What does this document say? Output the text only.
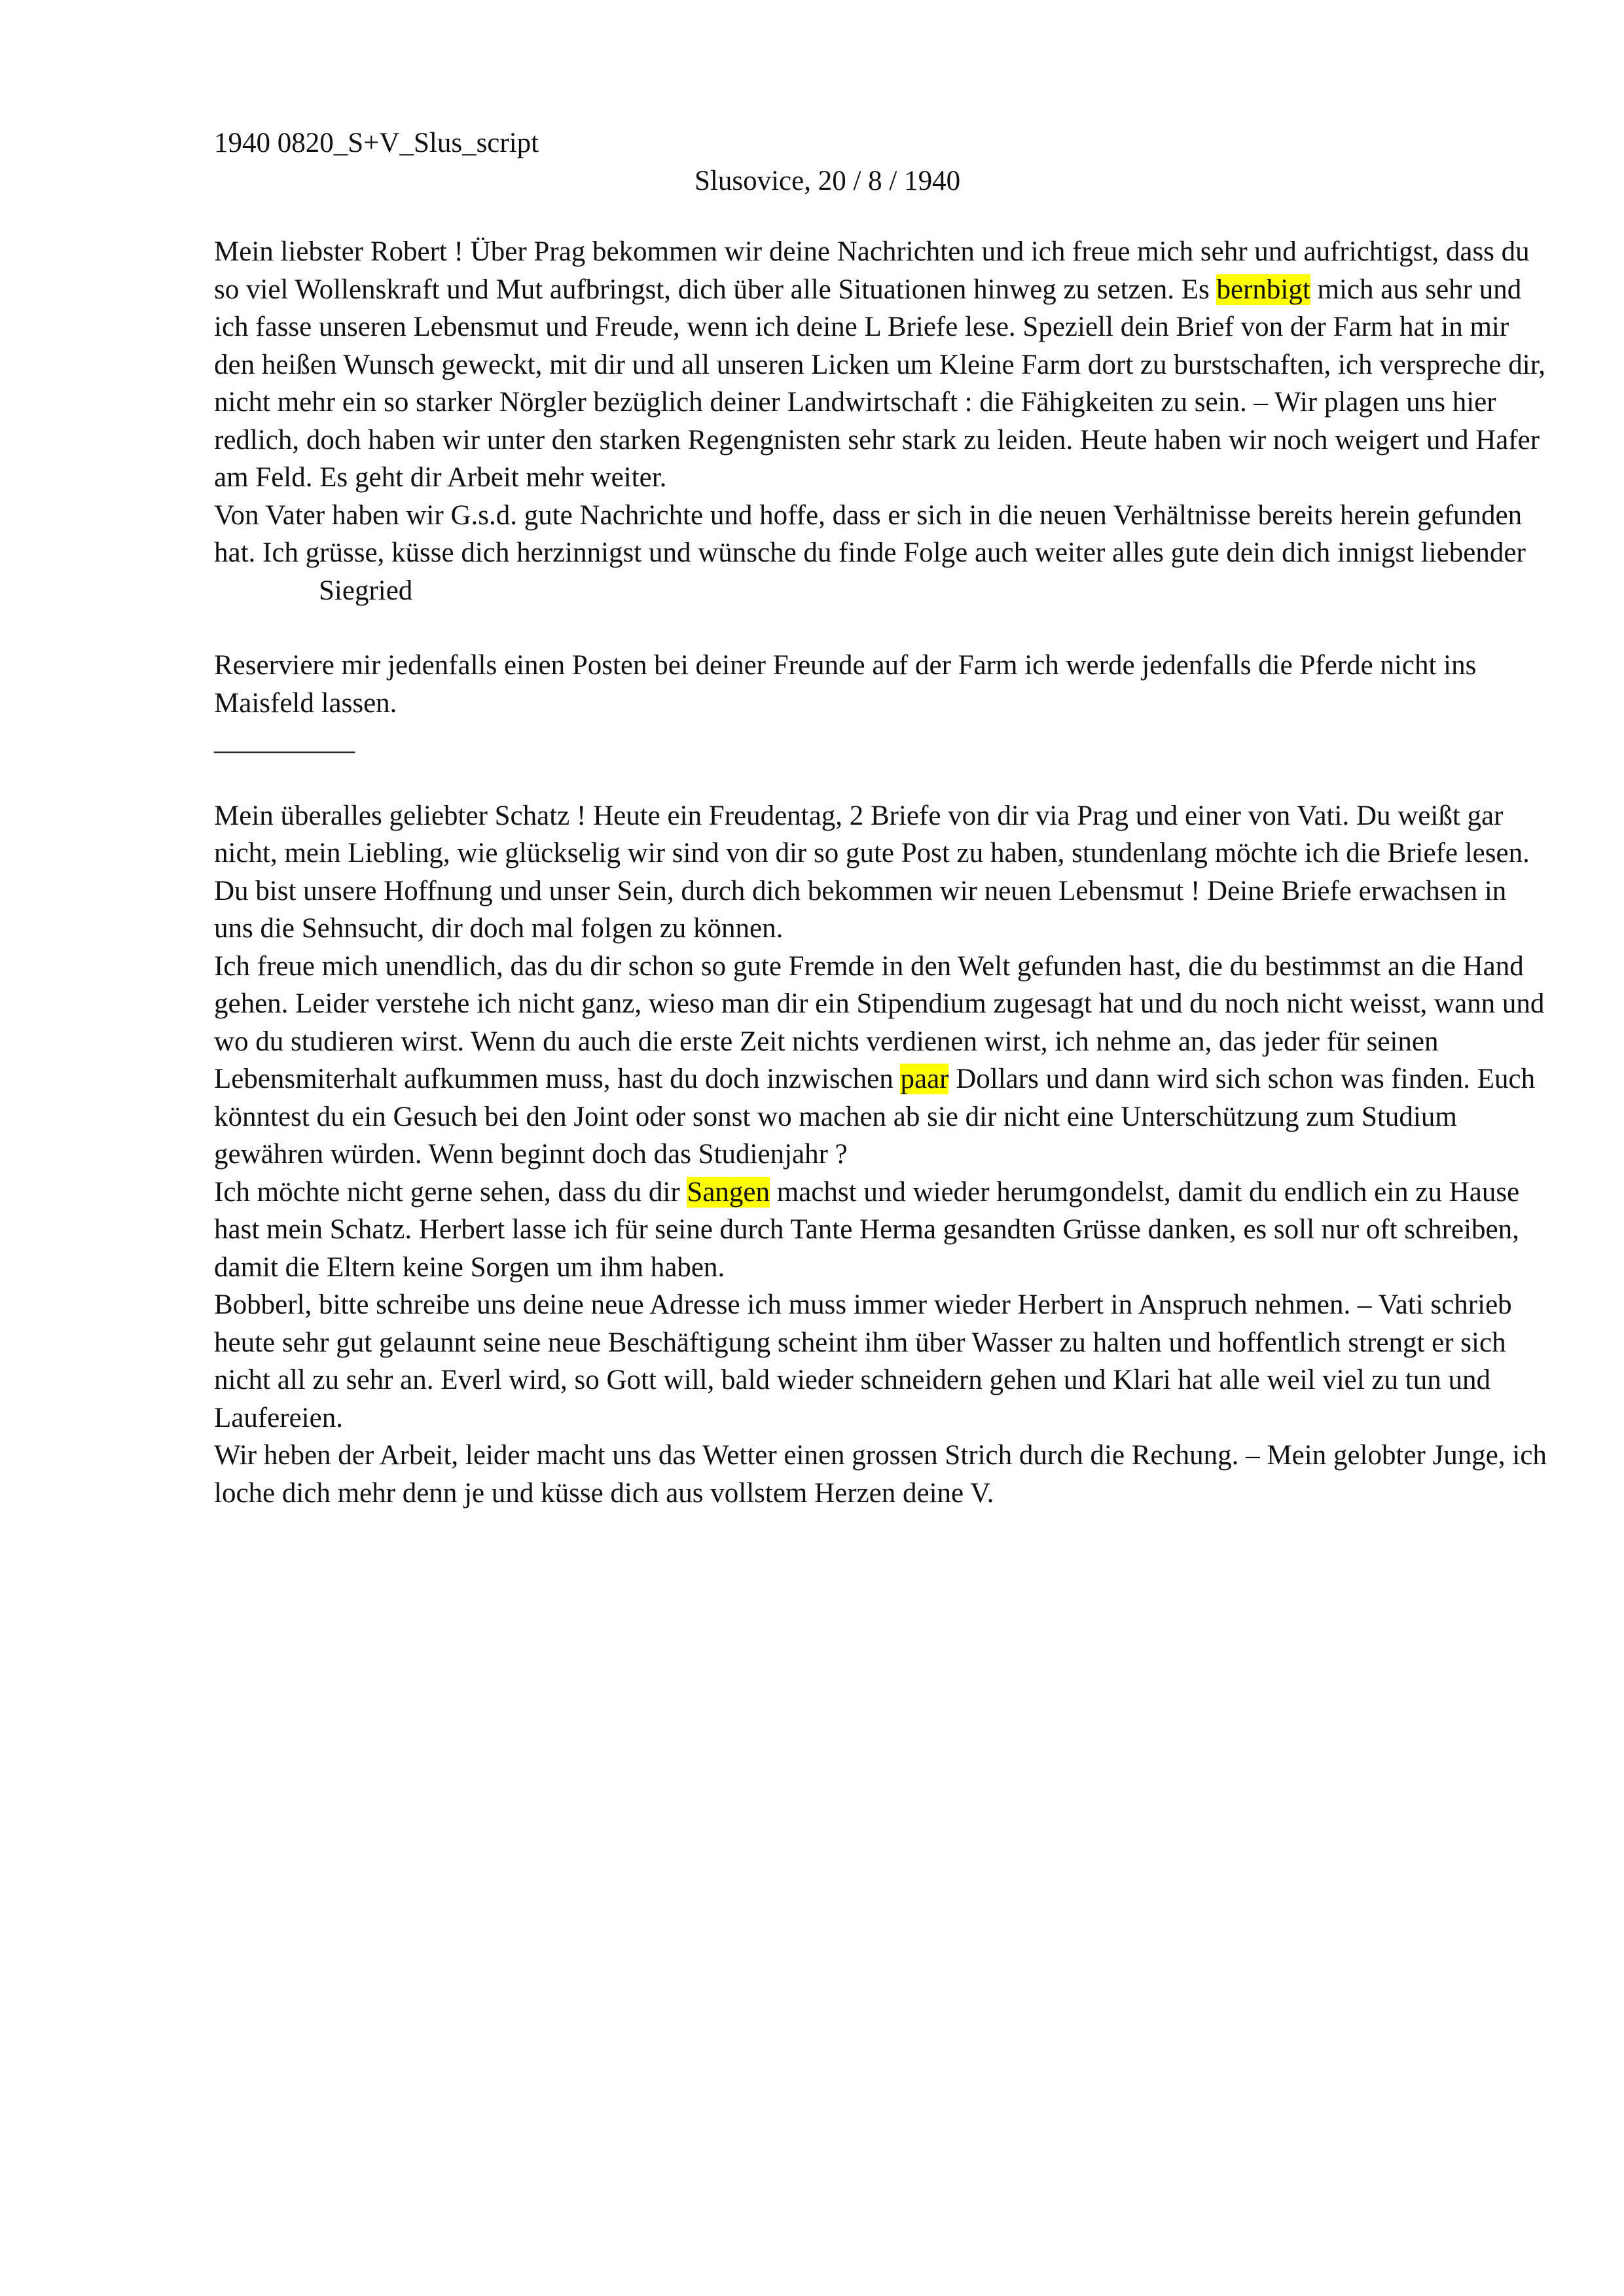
1940 0820_S+V_Slus_script

Slusovice, 20 / 8 / 1940

Mein liebster Robert ! Über Prag bekommen wir deine Nachrichten und ich freue mich sehr und aufrichtigst, dass du so viel Wollenskraft und Mut aufbringst, dich über alle Situationen hinweg zu setzen. Es bernbigt mich aus sehr und ich fasse unseren Lebensmut und Freude, wenn ich deine L Briefe lese. Speziell dein Brief von der Farm hat in mir den heißen Wunsch geweckt, mit dir und all unseren Licken um Kleine Farm dort zu burstschaften, ich verspreche dir, nicht mehr ein so starker Nörgler bezüglich deiner Landwirtschaft : die Fähigkeiten zu sein. – Wir plagen uns hier redlich, doch haben wir unter den starken Regengnisten sehr stark zu leiden. Heute haben wir noch weigert und Hafer am Feld. Es geht dir Arbeit mehr weiter.

Von Vater haben wir G.s.d. gute Nachrichte und hoffe, dass er sich in die neuen Verhältnisse bereits herein gefunden hat. Ich grüsse, küsse dich herzinnigst und wünsche du finde Folge auch weiter alles gute dein dich innigst liebenderSiegried

Reserviere mir jedenfalls einen Posten bei deiner Freunde auf der Farm ich werde jedenfalls die Pferde nicht ins Maisfeld lassen.

__________

Mein überalles geliebter Schatz ! Heute ein Freudentag, 2 Briefe von dir via Prag und einer von Vati. Du weißt gar nicht, mein Liebling, wie glückselig wir sind von dir so gute Post zu haben, stundenlang möchte ich die Briefe lesen. Du bist unsere Hoffnung und unser Sein, durch dich bekommen wir neuen Lebensmut ! Deine Briefe erwachsen in uns die Sehnsucht, dir doch mal folgen zu können.

Ich freue mich unendlich, das du dir schon so gute Fremde in den Welt gefunden hast, die du bestimmst an die Hand gehen. Leider verstehe ich nicht ganz, wieso man dir ein Stipendium zugesagt hat und du noch nicht weisst, wann und wo du studieren wirst. Wenn du auch die erste Zeit nichts verdienen wirst, ich nehme an, das jeder für seinen Lebensmiterhalt aufkummen muss, hast du doch inzwischen paar Dollars und dann wird sich schon was finden. Euch könntest du ein Gesuch bei den Joint oder sonst wo machen ab sie dir nicht eine Unterschützung zum Studium gewähren würden. Wenn beginnt doch das Studienjahr ?

Ich möchte nicht gerne sehen, dass du dir Sangen machst und wieder herumgondelst, damit du endlich ein zu Hause hast mein Schatz. Herbert lasse ich für seine durch Tante Herma gesandten Grüsse danken, es soll nur oft schreiben, damit die Eltern keine Sorgen um ihm haben.

Bobberl, bitte schreibe uns deine neue Adresse ich muss immer wieder Herbert in Anspruch nehmen. – Vati schrieb heute sehr gut gelaunnt seine neue Beschäftigung scheint ihm über Wasser zu halten und hoffentlich strengt er sich nicht all zu sehr an. Everl wird, so Gott will, bald wieder schneidern gehen und Klari hat alle weil viel zu tun und Laufereien.

Wir heben der Arbeit, leider macht uns das Wetter einen grossen Strich durch die Rechung. – Mein gelobter Junge, ich loche dich mehr denn je und küsse dich aus vollstem Herzen deine V.
